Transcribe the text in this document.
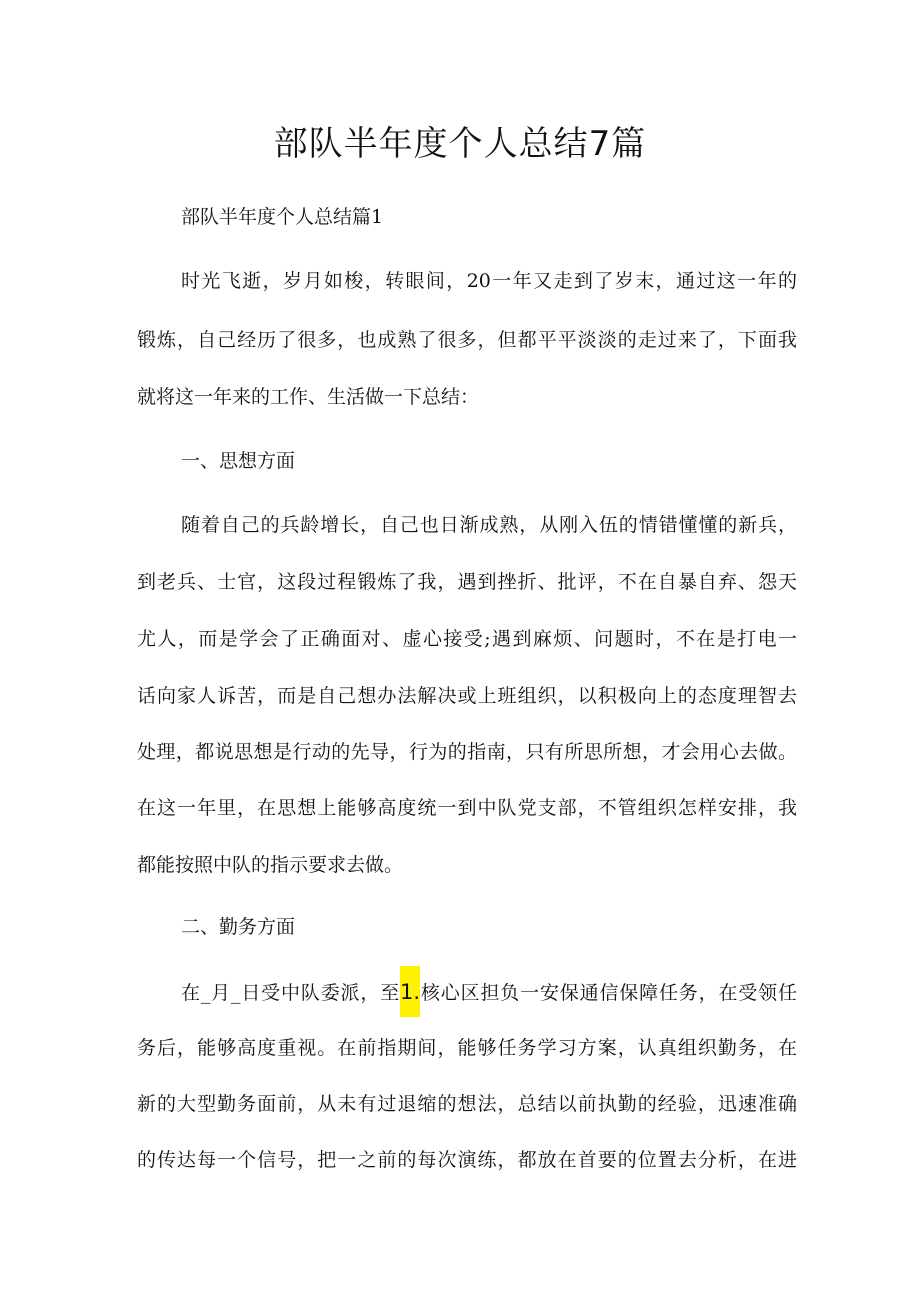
部队半年度个人总结7篇
部队半年度个人总结篇1
时光飞逝，岁月如梭，转眼间，20一年又走到了岁末，通过这一年的
锻炼，自己经历了很多，也成熟了很多，但都平平淡淡的走过来了，下面我
就将这一年来的工作、生活做一下总结：
一、思想方面
随着自己的兵龄增长，自己也日渐成熟，从刚入伍的情错懂懂的新兵，
到老兵、士官，这段过程锻炼了我，遇到挫折、批评，不在自暴自弃、怨天
尤人，而是学会了正确面对、虚心接受;遇到麻烦、问题时，不在是打电一
话向家人诉苦，而是自己想办法解决或上班组织，以积极向上的态度理智去
处理，都说思想是行动的先导，行为的指南，只有所思所想，才会用心去做。
在这一年里，在思想上能够高度统一到中队党支部，不管组织怎样安排，我
都能按照中队的指示要求去做。
二、勤务方面
在_月_日受中队委派，至1.核心区担负一安保通信保障任务，在受领任
务后，能够高度重视。在前指期间，能够任务学习方案，认真组织勤务，在
新的大型勤务面前，从未有过退缩的想法，总结以前执勤的经验，迅速准确
的传达每一个信号，把一之前的每次演练，都放在首要的位置去分析，在进
